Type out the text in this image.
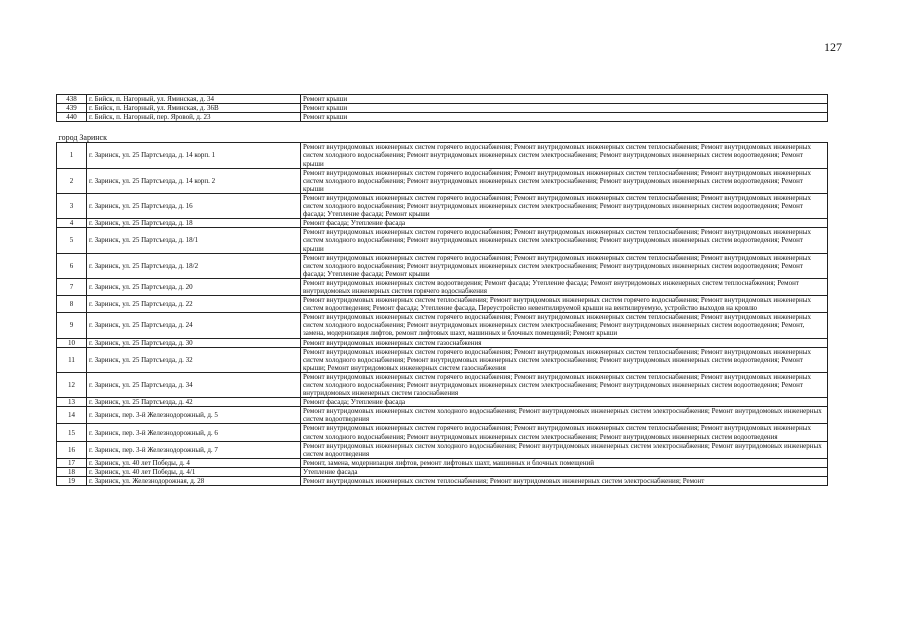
127
438	г. Бийск, п. Нагорный, ул. Яминская, д. 34	Ремонт крыши
439	г. Бийск, п. Нагорный, ул. Яминская, д. 36В	Ремонт крыши
440	г. Бийск, п. Нагорный, пер. Яровой, д. 23	Ремонт крыши
город Заринск		
1	г. Заринск, ул. 25 Партсъезда, д. 14 корп. 1	Ремонт внутридомовых инженерных систем горячего водоснабжения; Ремонт внутридомовых инженерных систем теплоснабжения; Ремонт внутридомовых инженерных систем холодного водоснабжения; Ремонт внутридомовых инженерных систем электроснабжения; Ремонт внутридомовых инженерных систем водоотведения; Ремонт крыши
2	г. Заринск, ул. 25 Партсъезда, д. 14 корп. 2	Ремонт внутридомовых инженерных систем горячего водоснабжения; Ремонт внутридомовых инженерных систем теплоснабжения; Ремонт внутридомовых инженерных систем холодного водоснабжения; Ремонт внутридомовых инженерных систем электроснабжения; Ремонт внутридомовых инженерных систем водоотведения; Ремонт крыши
3	г. Заринск, ул. 25 Партсъезда, д. 16	Ремонт внутридомовых инженерных систем горячего водоснабжения; Ремонт внутридомовых инженерных систем теплоснабжения; Ремонт внутридомовых инженерных систем холодного водоснабжения; Ремонт внутридомовых инженерных систем электроснабжения; Ремонт внутридомовых инженерных систем водоотведения; Ремонт фасада; Утепление фасада; Ремонт крыши
4	г. Заринск, ул. 25 Партсъезда, д. 18	Ремонт фасада; Утепление фасада
5	г. Заринск, ул. 25 Партсъезда, д. 18/1	Ремонт внутридомовых инженерных систем горячего водоснабжения; Ремонт внутридомовых инженерных систем теплоснабжения; Ремонт внутридомовых инженерных систем холодного водоснабжения; Ремонт внутридомовых инженерных систем электроснабжения; Ремонт внутридомовых инженерных систем водоотведения; Ремонт крыши
6	г. Заринск, ул. 25 Партсъезда, д. 18/2	Ремонт внутридомовых инженерных систем горячего водоснабжения; Ремонт внутридомовых инженерных систем теплоснабжения; Ремонт внутридомовых инженерных систем холодного водоснабжения; Ремонт внутридомовых инженерных систем электроснабжения; Ремонт внутридомовых инженерных систем водоотведения; Ремонт фасада; Утепление фасада; Ремонт крыши
7	г. Заринск, ул. 25 Партсъезда, д. 20	Ремонт внутридомовых инженерных систем водоотведения; Ремонт фасада; Утепление фасада; Ремонт внутридомовых инженерных систем теплоснабжения; Ремонт внутридомовых инженерных систем горячего водоснабжения
8	г. Заринск, ул. 25 Партсъезда, д. 22	Ремонт внутридомовых инженерных систем теплоснабжения; Ремонт внутридомовых инженерных систем горячего водоснабжения; Ремонт внутридомовых инженерных систем водоотведения; Ремонт фасада; Утепление фасада, Переустройство невентилируемой крыши на вентилируемую, устройство выходов на кровлю
9	г. Заринск, ул. 25 Партсъезда, д. 24	Ремонт внутридомовых инженерных систем горячего водоснабжения; Ремонт внутридомовых инженерных систем теплоснабжения; Ремонт внутридомовых инженерных систем холодного водоснабжения; Ремонт внутридомовых инженерных систем электроснабжения; Ремонт внутридомовых инженерных систем водоотведения; Ремонт, замена, модернизация лифтов, ремонт лифтовых шахт, машинных и блочных помещений; Ремонт крыши
10	г. Заринск, ул. 25 Партсъезда, д. 30	Ремонт внутридомовых инженерных систем газоснабжения
11	г. Заринск, ул. 25 Партсъезда, д. 32	Ремонт внутридомовых инженерных систем горячего водоснабжения; Ремонт внутридомовых инженерных систем теплоснабжения; Ремонт внутридомовых инженерных систем холодного водоснабжения; Ремонт внутридомовых инженерных систем электроснабжения; Ремонт внутридомовых инженерных систем водоотведения; Ремонт крыши; Ремонт внутридомовых инженерных систем газоснабжения
12	г. Заринск, ул. 25 Партсъезда, д. 34	Ремонт внутридомовых инженерных систем горячего водоснабжения; Ремонт внутридомовых инженерных систем теплоснабжения; Ремонт внутридомовых инженерных систем холодного водоснабжения; Ремонт внутридомовых инженерных систем электроснабжения; Ремонт внутридомовых инженерных систем водоотведения; Ремонт внутридомовых инженерных систем газоснабжения
13	г. Заринск, ул. 25 Партсъезда, д. 42	Ремонт фасада; Утепление фасада
14	г. Заринск, пер. 3-й Железнодорожный, д. 5	Ремонт внутридомовых инженерных систем холодного водоснабжения; Ремонт внутридомовых инженерных систем электроснабжения; Ремонт внутридомовых инженерных систем водоотведения
15	г. Заринск, пер. 3-й Железнодорожный, д. 6	Ремонт внутридомовых инженерных систем горячего водоснабжения; Ремонт внутридомовых инженерных систем теплоснабжения; Ремонт внутридомовых инженерных систем холодного водоснабжения; Ремонт внутридомовых инженерных систем электроснабжения; Ремонт внутридомовых инженерных систем водоотведения
16	г. Заринск, пер. 3-й Железнодорожный, д. 7	Ремонт внутридомовых инженерных систем холодного водоснабжения; Ремонт внутридомовых инженерных систем электроснабжения; Ремонт внутридомовых инженерных систем водоотведения
17	г. Заринск, ул. 40 лет Победы, д. 4	Ремонт, замена, модернизация лифтов, ремонт лифтовых шахт, машинных и блочных помещений
18	г. Заринск, ул. 40 лет Победы, д. 4/1	Утепление фасада
19	г. Заринск, ул. Железнодорожная, д. 28	Ремонт внутридомовых инженерных систем теплоснабжения; Ремонт внутридомовых инженерных систем электроснабжения; Ремонт
